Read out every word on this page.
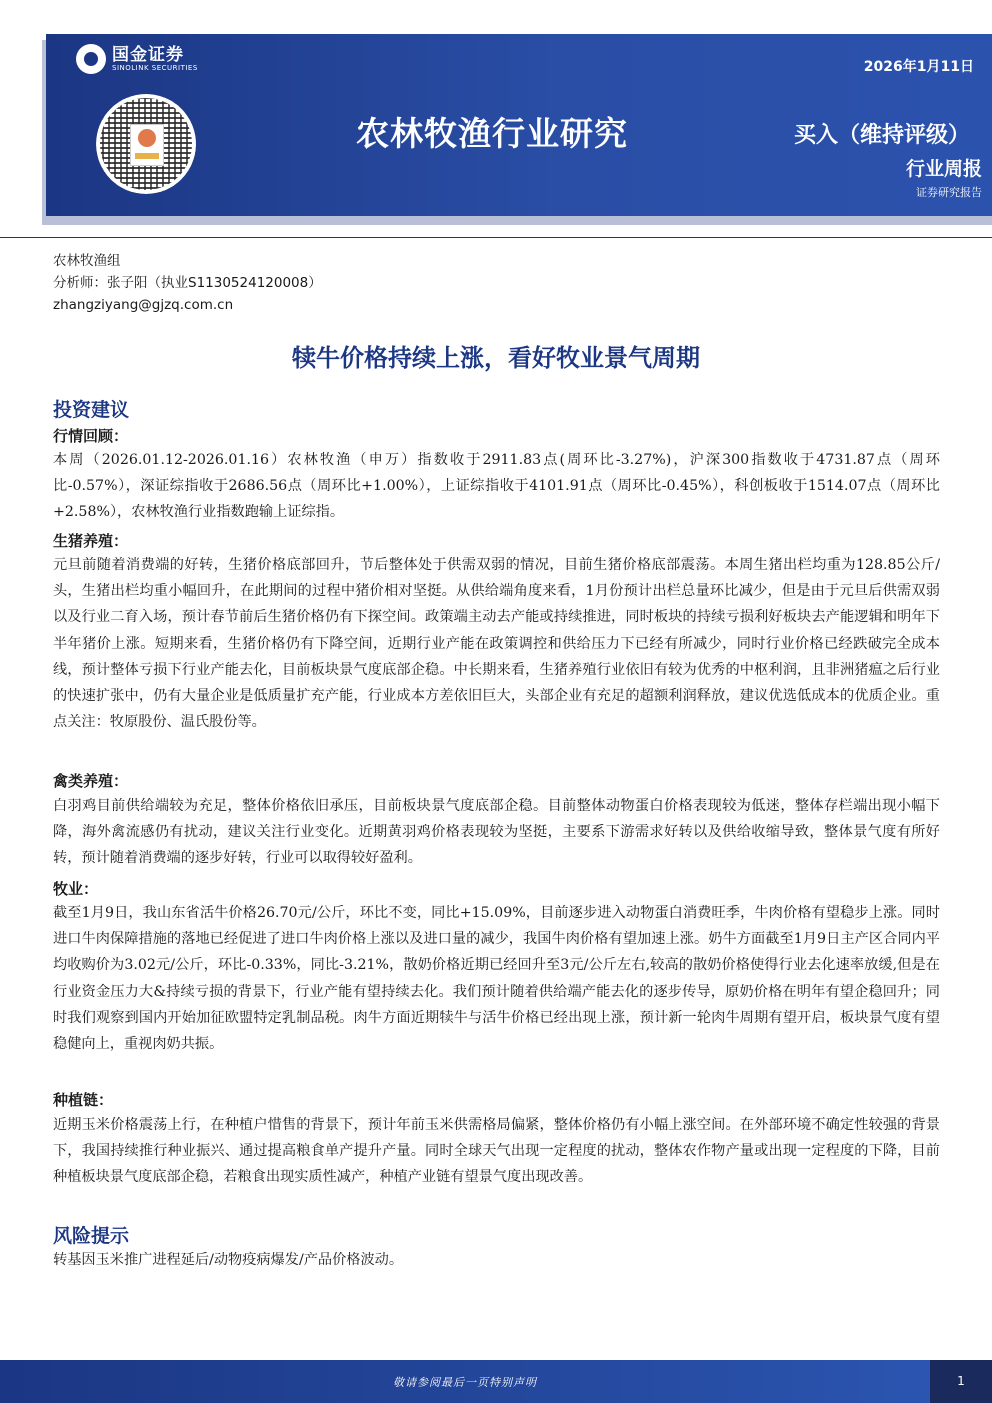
国金证券
SINOLINK SECURITIES	2026年1月11日
农林牧渔行业研究	买入（维持评级）
行业周报
证券研究报告
农林牧渔组
分析师：张子阳（执业S1130524120008）
zhangziyang@gjzq.com.cn
犊牛价格持续上涨，看好牧业景气周期
投资建议
行情回顾：

本周（2026.01.12-2026.01.16）农林牧渔（申万）指数收于2911.83点(周环比-3.27%)，沪深300指数收于4731.87点（周环比-0.57%），深证综指收于2686.56点（周环比+1.00%），上证综指收于4101.91点（周环比-0.45%），科创板收于1514.07点（周环比+2.58%），农林牧渔行业指数跑输上证综指。

生猪养殖：

元旦前随着消费端的好转，生猪价格底部回升，节后整体处于供需双弱的情况，目前生猪价格底部震荡。本周生猪出栏均重为128.85公斤/头，生猪出栏均重小幅回升，在此期间的过程中猪价相对坚挺。从供给端角度来看，1月份预计出栏总量环比减少，但是由于元旦后供需双弱以及行业二育入场，预计春节前后生猪价格仍有下探空间。政策端主动去产能或持续推进，同时板块的持续亏损利好板块去产能逻辑和明年下半年猪价上涨。短期来看，生猪价格仍有下降空间，近期行业产能在政策调控和供给压力下已经有所减少，同时行业价格已经跌破完全成本线，预计整体亏损下行业产能去化，目前板块景气度底部企稳。中长期来看，生猪养殖行业依旧有较为优秀的中枢利润，且非洲猪瘟之后行业的快速扩张中，仍有大量企业是低质量扩充产能，行业成本方差依旧巨大，头部企业有充足的超额利润释放，建议优选低成本的优质企业。重点关注：牧原股份、温氏股份等。

禽类养殖：

白羽鸡目前供给端较为充足，整体价格依旧承压，目前板块景气度底部企稳。目前整体动物蛋白价格表现较为低迷，整体存栏端出现小幅下降，海外禽流感仍有扰动，建议关注行业变化。近期黄羽鸡价格表现较为坚挺，主要系下游需求好转以及供给收缩导致，整体景气度有所好转，预计随着消费端的逐步好转，行业可以取得较好盈利。

牧业：

截至1月9日，我山东省活牛价格26.70元/公斤，环比不变，同比+15.09%，目前逐步进入动物蛋白消费旺季，牛肉价格有望稳步上涨。同时进口牛肉保障措施的落地已经促进了进口牛肉价格上涨以及进口量的减少，我国牛肉价格有望加速上涨。奶牛方面截至1月9日主产区合同内平均收购价为3.02元/公斤，环比-0.33%，同比-3.21%，散奶价格近期已经回升至3元/公斤左右,较高的散奶价格使得行业去化速率放缓,但是在行业资金压力大&持续亏损的背景下，行业产能有望持续去化。我们预计随着供给端产能去化的逐步传导，原奶价格在明年有望企稳回升；同时我们观察到国内开始加征欧盟特定乳制品税。肉牛方面近期犊牛与活牛价格已经出现上涨，预计新一轮肉牛周期有望开启，板块景气度有望稳健向上，重视肉奶共振。

种植链：

近期玉米价格震荡上行，在种植户惜售的背景下，预计年前玉米供需格局偏紧，整体价格仍有小幅上涨空间。在外部环境不确定性较强的背景下，我国持续推行种业振兴、通过提高粮食单产提升产量。同时全球天气出现一定程度的扰动，整体农作物产量或出现一定程度的下降，目前种植板块景气度底部企稳，若粮食出现实质性减产，种植产业链有望景气度出现改善。

风险提示

转基因玉米推广进程延后/动物疫病爆发/产品价格波动。

敬请参阅最后一页特别声明	1
